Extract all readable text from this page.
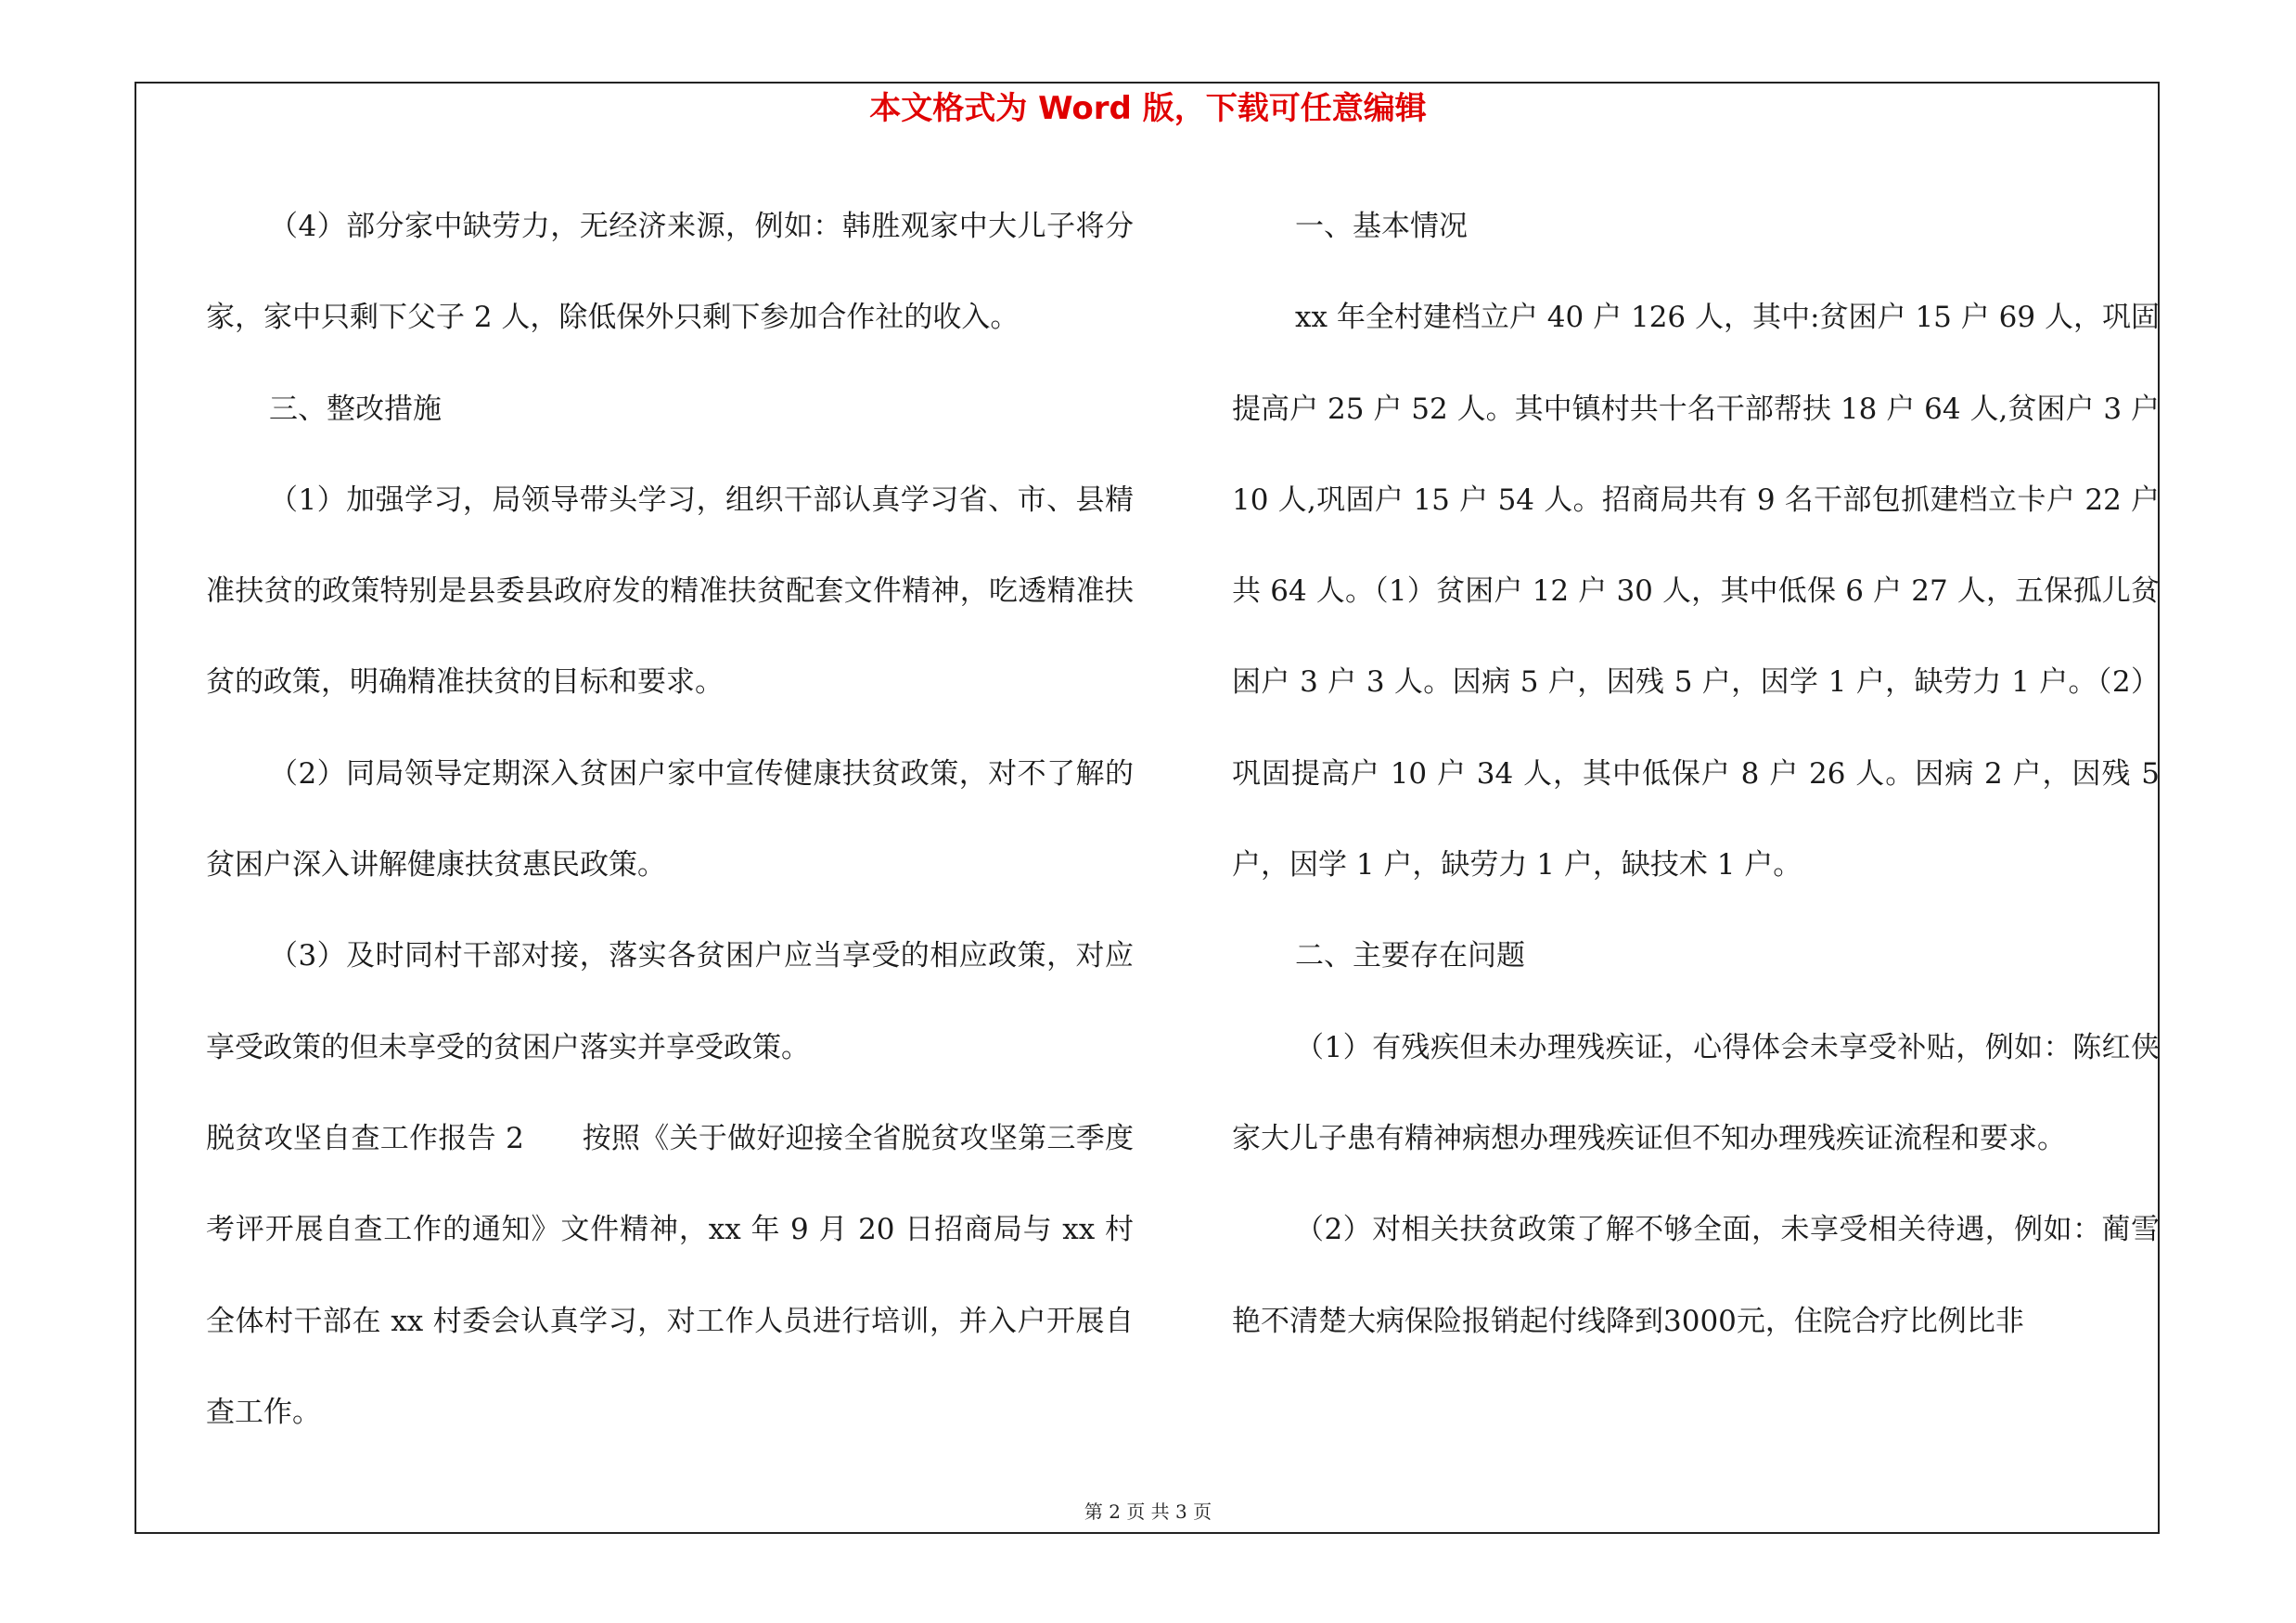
本文格式为 Word 版，下载可任意编辑

（4）部分家中缺劳力，无经济来源，例如：韩胜观家中大儿子将分家，家中只剩下父子 2 人，除低保外只剩下参加合作社的收入。

三、整改措施

（1）加强学习，局领导带头学习，组织干部认真学习省、市、县精准扶贫的政策特别是县委县政府发的精准扶贫配套文件精神，吃透精准扶贫的政策，明确精准扶贫的目标和要求。

（2）同局领导定期深入贫困户家中宣传健康扶贫政策，对不了解的贫困户深入讲解健康扶贫惠民政策。

（3）及时同村干部对接，落实各贫困户应当享受的相应政策，对应享受政策的但未享受的贫困户落实并享受政策。

脱贫攻坚自查工作报告 2　　按照《关于做好迎接全省脱贫攻坚第三季度考评开展自查工作的通知》文件精神，xx 年 9 月 20 日招商局与 xx 村全体村干部在 xx 村委会认真学习，对工作人员进行培训，并入户开展自查工作。

一、基本情况

xx 年全村建档立户 40 户 126 人，其中:贫困户 15 户 69 人，巩固提高户 25 户 52 人。其中镇村共十名干部帮扶 18 户 64 人,贫困户 3 户 10 人,巩固户 15 户 54 人。招商局共有 9 名干部包抓建档立卡户 22 户共 64 人。（1）贫困户 12 户 30 人，其中低保 6 户 27 人，五保孤儿贫困户 3 户 3 人。因病 5 户，因残 5 户，因学 1 户，缺劳力 1 户。（2）巩固提高户 10 户 34 人，其中低保户 8 户 26 人。因病 2 户，因残 5 户，因学 1 户，缺劳力 1 户，缺技术 1 户。

二、主要存在问题

（1）有残疾但未办理残疾证，心得体会未享受补贴，例如：陈红侠家大儿子患有精神病想办理残疾证但不知办理残疾证流程和要求。

（2）对相关扶贫政策了解不够全面，未享受相关待遇，例如：蔺雪艳不清楚大病保险报销起付线降到3000元，住院合疗比例比非

第 2 页 共 3 页
